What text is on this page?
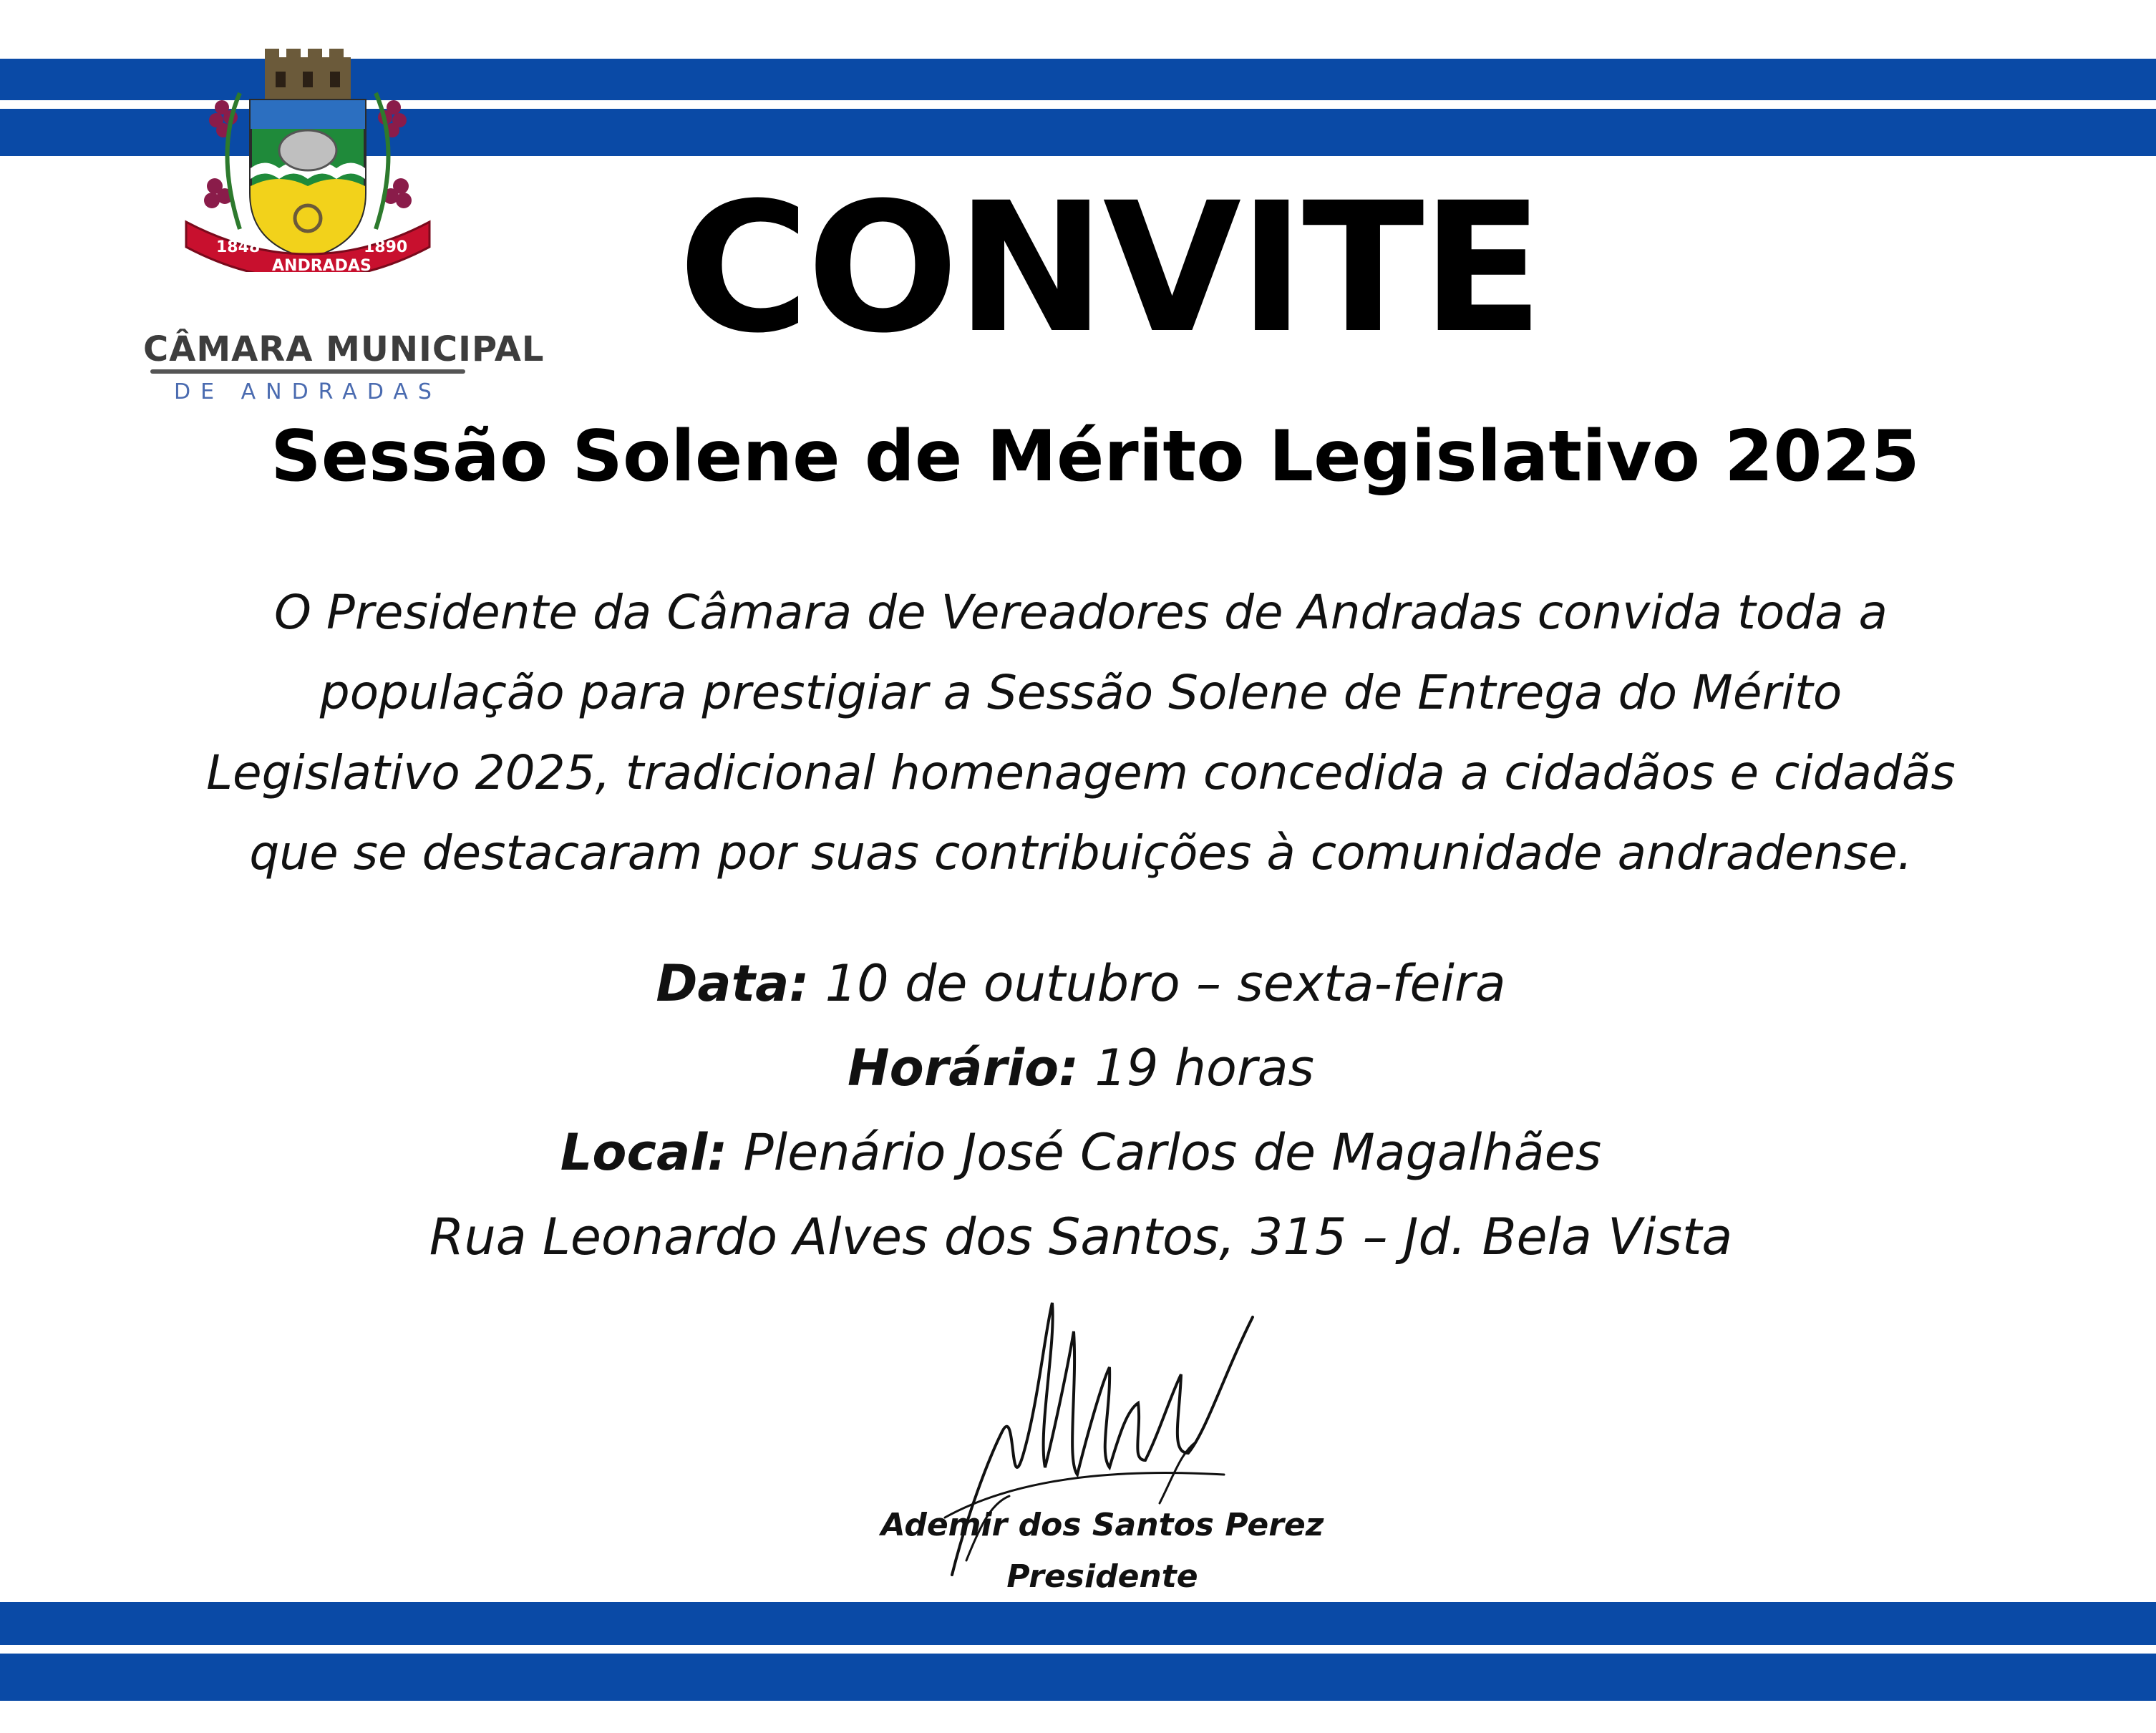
1848
ANDRADAS
1890
CÂMARA MUNICIPAL
DE ANDRADAS
CONVITE
Sessão Solene de Mérito Legislativo 2025
O Presidente da Câmara de Vereadores de Andradas convida toda a
população para prestigiar a Sessão Solene de Entrega do Mérito
Legislativo 2025, tradicional homenagem concedida a cidadãos e cidadãs
que se destacaram por suas contribuições à comunidade andradense.
Data: 10 de outubro – sexta-feira
Horário: 19 horas
Local: Plenário José Carlos de Magalhães
Rua Leonardo Alves dos Santos, 315 – Jd. Bela Vista
Ademir dos Santos Perez
Presidente
